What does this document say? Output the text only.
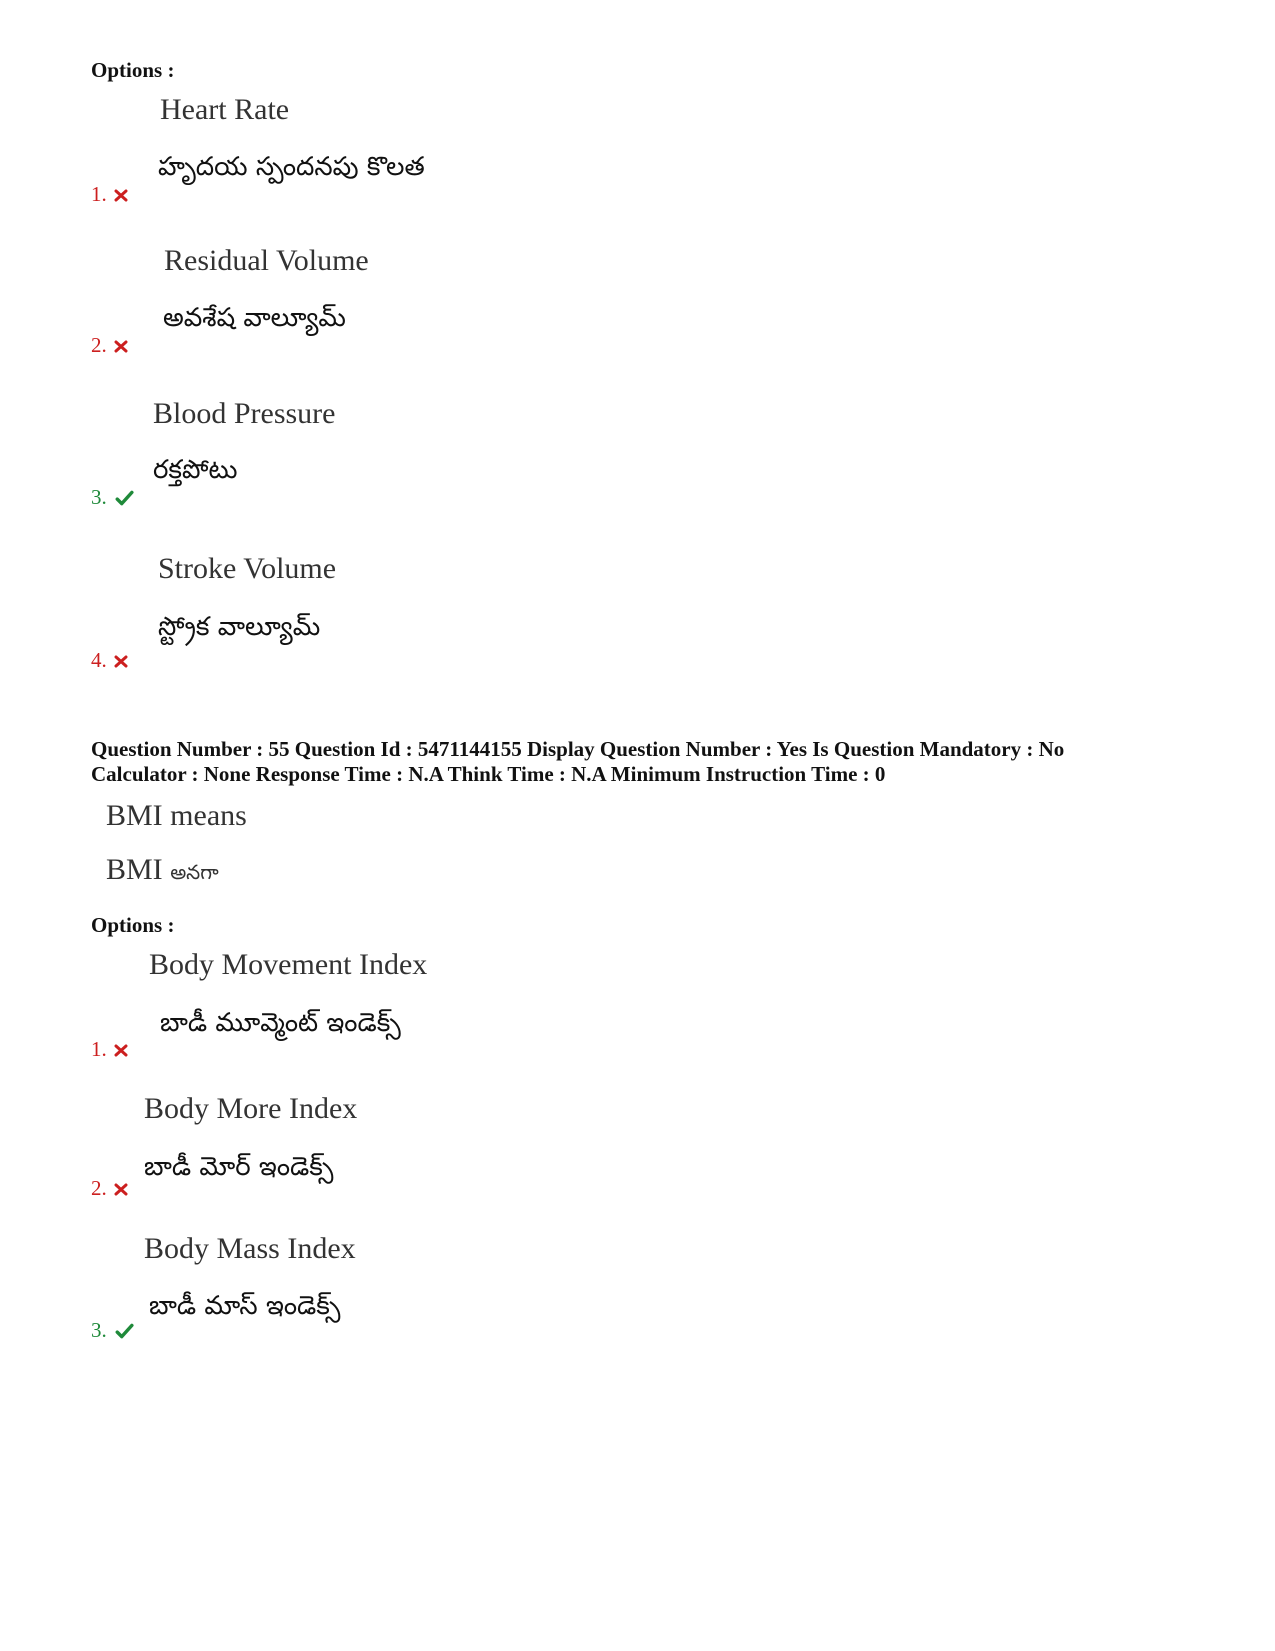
Options :
Heart Rate
హృదయ స్పందనపు కొలత
1.
Residual Volume
అవశేష వాల్యూమ్
2.
Blood Pressure
రక్తపోటు
3.
Stroke Volume
స్ట్రోక వాల్యూమ్
4.
Question Number : 55 Question Id : 5471144155 Display Question Number : Yes Is Question Mandatory : No
Calculator : None Response Time : N.A Think Time : N.A Minimum Instruction Time : 0
BMI means
BMI అనగా
Options :
Body Movement Index
బాడీ మూవ్మెంట్ ఇండెక్స్
1.
Body More Index
బాడీ మోర్ ఇండెక్స్
2.
Body Mass Index
బాడీ మాస్ ఇండెక్స్
3.
